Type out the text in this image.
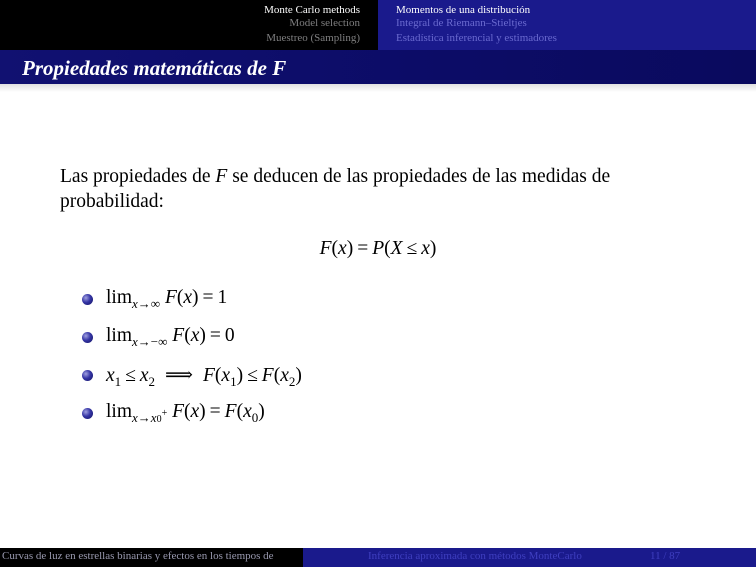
Monte Carlo methods
Model selection
Muestreo (Sampling)
Momentos de una distribución
Integral de Riemann–Stieltjes
Estadística inferencial y estimadores
Propiedades matemáticas de F
Las propiedades de F se deducen de las propiedades de las medidas de probabilidad:
F(x) = P(X ≤ x)
$\lim_{x\to\infty} F(x) = 1$
$\lim_{x\to-\infty} F(x) = 0$
$x_1 \le x_2$ ⟹ $F(x_1) \le F(x_2)$
$\lim_{x\to x0^+} F(x) = F(x_0)$
Curvas de luz en estrellas binarias y efectos en los tiempos de	Inferencia aproximada con métodos MonteCarlo	11 / 87
